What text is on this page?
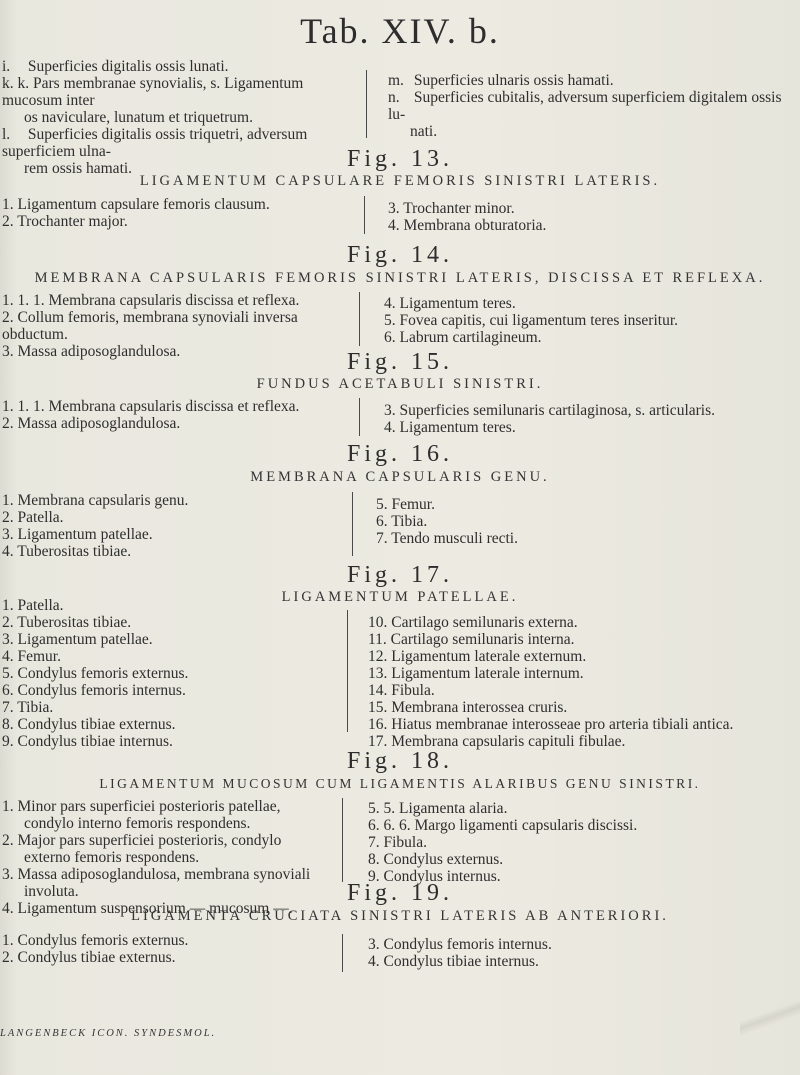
Tab. XIV. b.
i. Superficies digitalis ossis lunati.
k. k. Pars membranae synovialis, s. Ligamentum mucosum inter
os naviculare, lunatum et triquetrum.
l. Superficies digitalis ossis triquetri, adversum superficiem ulna-
rem ossis hamati.
m. Superficies ulnaris ossis hamati.
n. Superficies cubitalis, adversum superficiem digitalem ossis lu-
nati.
Fig. 13.
LIGAMENTUM CAPSULARE FEMORIS SINISTRI LATERIS.
1. Ligamentum capsulare femoris clausum.
2. Trochanter major.
3. Trochanter minor.
4. Membrana obturatoria.
Fig. 14.
MEMBRANA CAPSULARIS FEMORIS SINISTRI LATERIS, DISCISSA ET REFLEXA.
1. 1. 1. Membrana capsularis discissa et reflexa.
2. Collum femoris, membrana synoviali inversa obductum.
3. Massa adiposoglandulosa.
4. Ligamentum teres.
5. Fovea capitis, cui ligamentum teres inseritur.
6. Labrum cartilagineum.
Fig. 15.
FUNDUS ACETABULI SINISTRI.
1. 1. 1. Membrana capsularis discissa et reflexa.
2. Massa adiposoglandulosa.
3. Superficies semilunaris cartilaginosa, s. articularis.
4. Ligamentum teres.
Fig. 16.
MEMBRANA CAPSULARIS GENU.
1. Membrana capsularis genu.
2. Patella.
3. Ligamentum patellae.
4. Tuberositas tibiae.
5. Femur.
6. Tibia.
7. Tendo musculi recti.
Fig. 17.
LIGAMENTUM PATELLAE.
1. Patella.
2. Tuberositas tibiae.
3. Ligamentum patellae.
4. Femur.
5. Condylus femoris externus.
6. Condylus femoris internus.
7. Tibia.
8. Condylus tibiae externus.
9. Condylus tibiae internus.
10. Cartilago semilunaris externa.
11. Cartilago semilunaris interna.
12. Ligamentum laterale externum.
13. Ligamentum laterale internum.
14. Fibula.
15. Membrana interossea cruris.
16. Hiatus membranae interosseae pro arteria tibiali antica.
17. Membrana capsularis capituli fibulae.
Fig. 18.
LIGAMENTUM MUCOSUM CUM LIGAMENTIS ALARIBUS GENU SINISTRI.
1. Minor pars superficiei posterioris patellae, condylo interno femoris respondens.
2. Major pars superficiei posterioris, condylo externo femoris respondens.
3. Massa adiposoglandulosa, membrana synoviali involuta.
4. Ligamentum suspensorium — mucosum —.
5. 5. Ligamenta alaria.
6. 6. 6. Margo ligamenti capsularis discissi.
7. Fibula.
8. Condylus externus.
9. Condylus internus.
Fig. 19.
LIGAMENTA CRUCIATA SINISTRI LATERIS AB ANTERIORI.
1. Condylus femoris externus.
2. Condylus tibiae externus.
3. Condylus femoris internus.
4. Condylus tibiae internus.
LANGENBECK ICON. SYNDESMOL.
